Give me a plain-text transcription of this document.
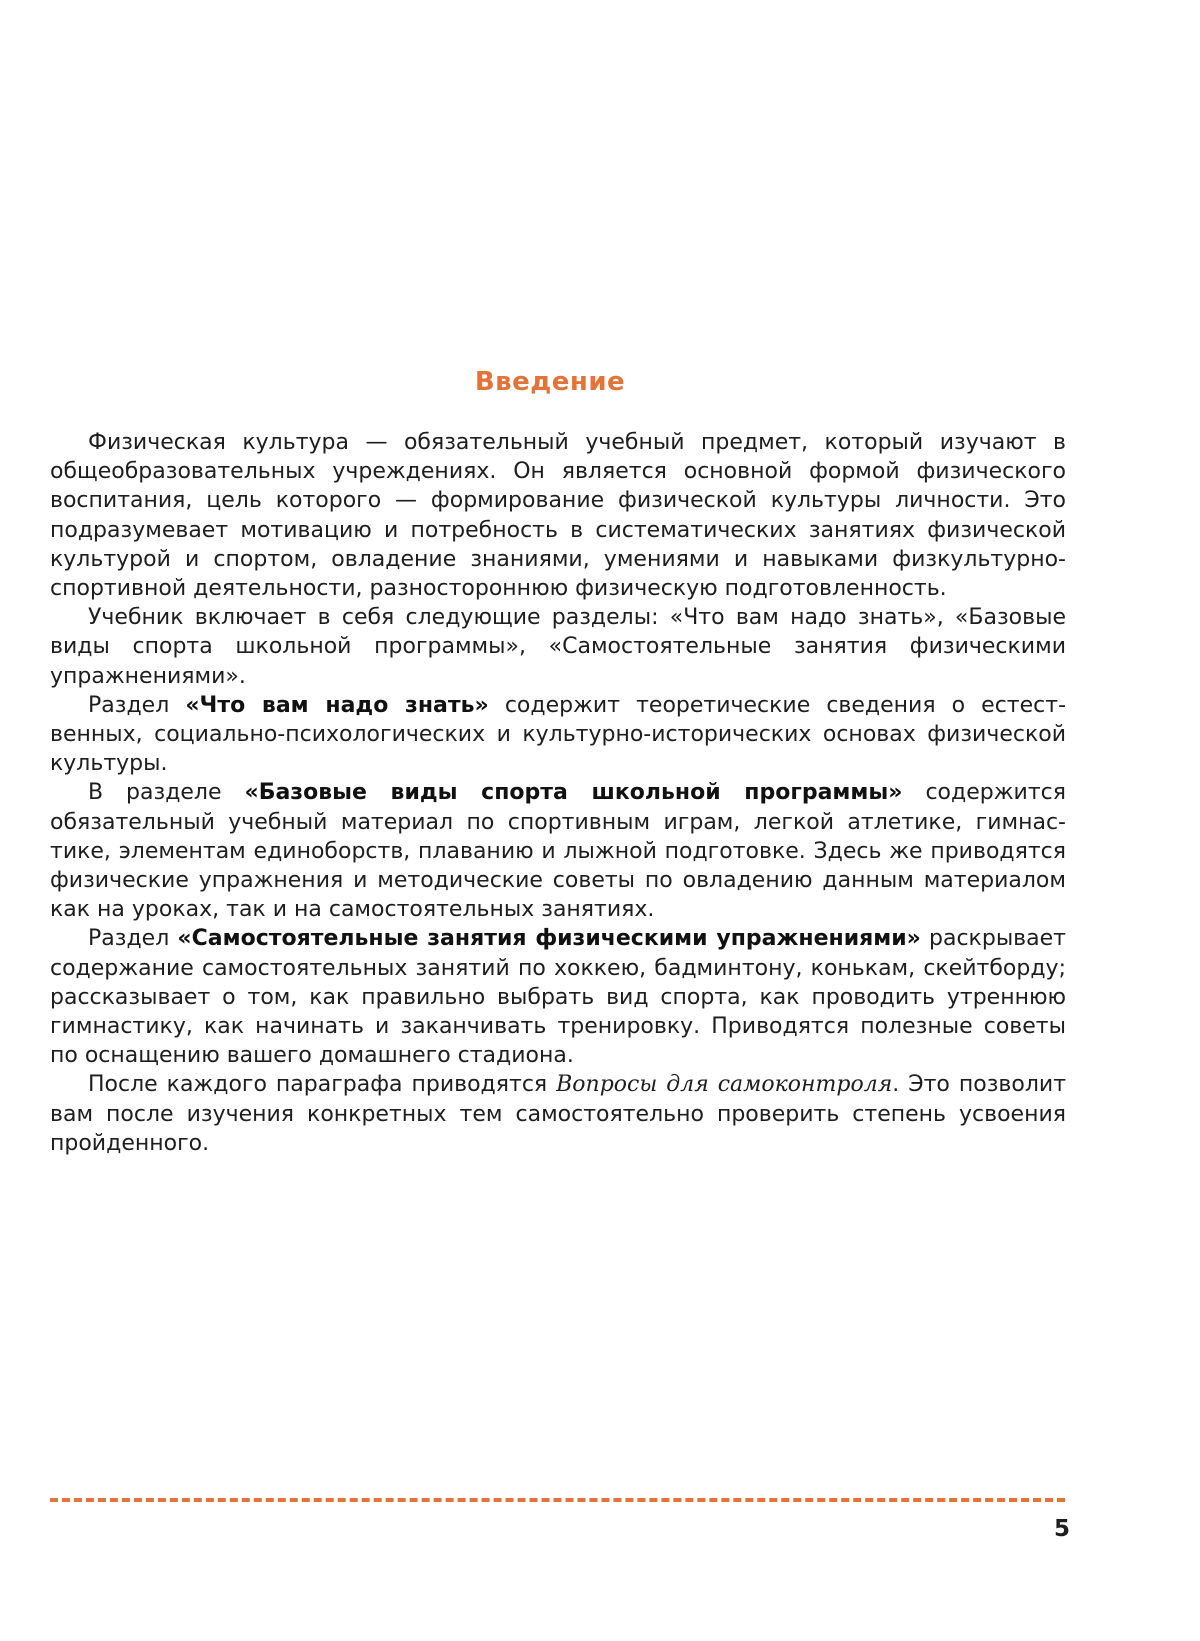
Введение

Физическая культура — обязательный учебный предмет, который изучают в общеобразовательных учреждениях. Он является основной формой физического воспитания, цель которого — формирование физической культуры личности. Это подразумевает мотивацию и потребность в систематических занятиях физической культурой и спортом, овладение знаниями, умениями и навыками физкультурно-спортивной деятельности, разностороннюю физическую подготовленность.

Учебник включает в себя следующие разделы: «Что вам надо знать», «Базовые виды спорта школьной программы», «Самостоятельные занятия физическими упражнениями».

Раздел «Что вам надо знать» содержит теоретические сведения о естественных, социально-психологических и культурно-исторических основах физической культуры.

В разделе «Базовые виды спорта школьной программы» содержится обязательный учебный материал по спортивным играм, легкой атлетике, гимнастике, элементам единоборств, плаванию и лыжной подготовке. Здесь же приводятся физические упражнения и методические советы по овладению данным материалом как на уроках, так и на самостоятельных занятиях.

Раздел «Самостоятельные занятия физическими упражнениями» раскрывает содержание самостоятельных занятий по хоккею, бадминтону, конькам, скейтборду; рассказывает о том, как правильно выбрать вид спорта, как проводить утреннюю гимнастику, как начинать и заканчивать тренировку. Приводятся полезные советы по оснащению вашего домашнего стадиона.

После каждого параграфа приводятся Вопросы для самоконтроля. Это позволит вам после изучения конкретных тем самостоятельно проверить степень усвоения пройденного.

5
